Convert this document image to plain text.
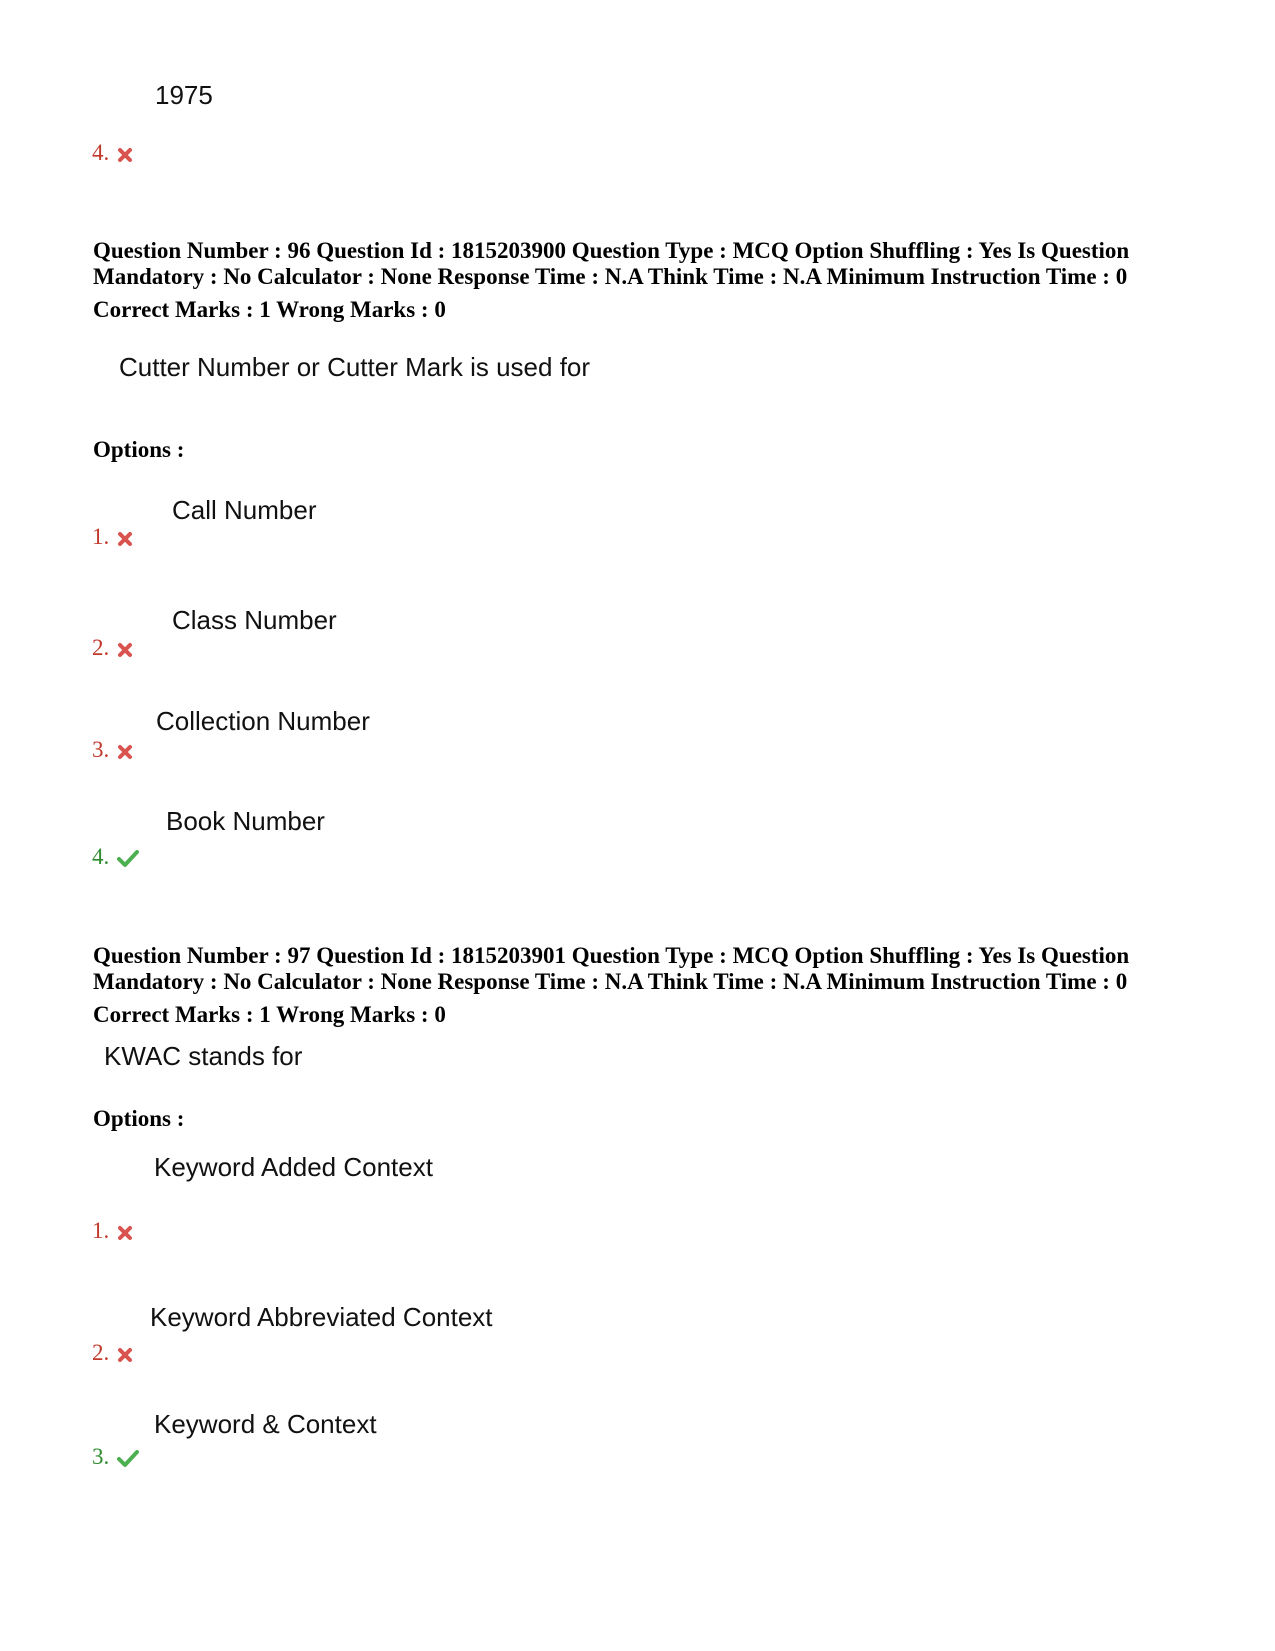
1975
4.
Question Number : 96 Question Id : 1815203900 Question Type : MCQ Option Shuffling : Yes Is Question
Mandatory : No Calculator : None Response Time : N.A Think Time : N.A Minimum Instruction Time : 0
Correct Marks : 1 Wrong Marks : 0
Cutter Number or Cutter Mark is used for
Options :
Call Number
1.
Class Number
2.
Collection Number
3.
Book Number
4.
Question Number : 97 Question Id : 1815203901 Question Type : MCQ Option Shuffling : Yes Is Question
Mandatory : No Calculator : None Response Time : N.A Think Time : N.A Minimum Instruction Time : 0
Correct Marks : 1 Wrong Marks : 0
KWAC stands for
Options :
Keyword Added Context
1.
Keyword Abbreviated Context
2.
Keyword & Context
3.
